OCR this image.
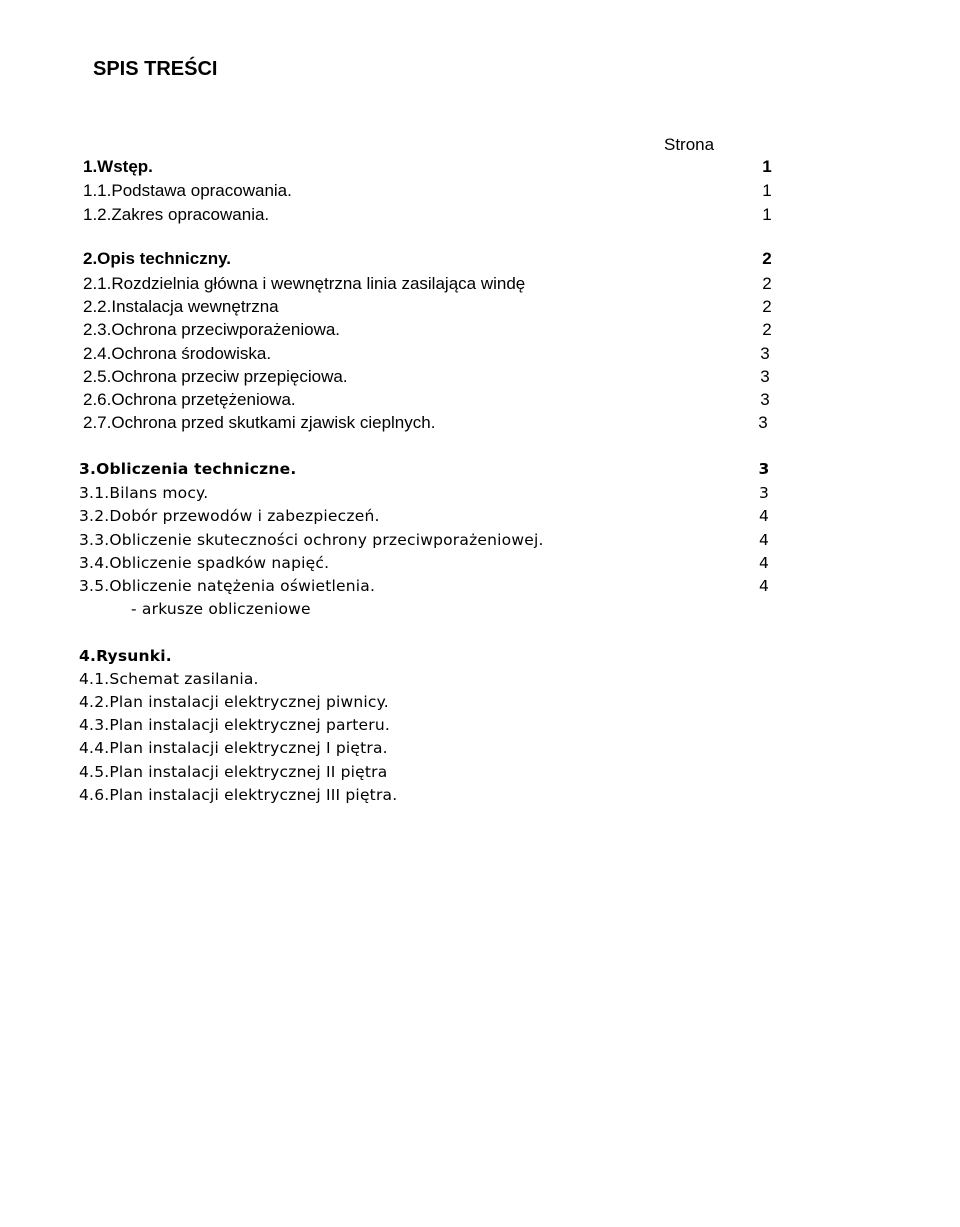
SPIS TREŚCI
Strona
1.Wstęp.	1
1.1.Podstawa opracowania.	1
1.2.Zakres opracowania.	1
2.Opis techniczny.	2
2.1.Rozdzielnia główna i wewnętrzna linia zasilająca windę	2
2.2.Instalacja wewnętrzna	2
2.3.Ochrona przeciwporażeniowa.	2
2.4.Ochrona środowiska.	3
2.5.Ochrona przeciw przepięciowa.	3
2.6.Ochrona przetężeniowa.	3
2.7.Ochrona przed skutkami zjawisk cieplnych.	3
3.Obliczenia techniczne.	3
3.1.Bilans mocy.	3
3.2.Dobór przewodów i zabezpieczeń.	4
3.3.Obliczenie skuteczności ochrony przeciwporażeniowej.	4
3.4.Obliczenie spadków napięć.	4
3.5.Obliczenie natężenia oświetlenia.	4
- arkusze obliczeniowe
4.Rysunki.
4.1.Schemat zasilania.
4.2.Plan instalacji elektrycznej piwnicy.
4.3.Plan instalacji elektrycznej parteru.
4.4.Plan instalacji elektrycznej I piętra.
4.5.Plan instalacji elektrycznej II piętra
4.6.Plan instalacji elektrycznej III piętra.
